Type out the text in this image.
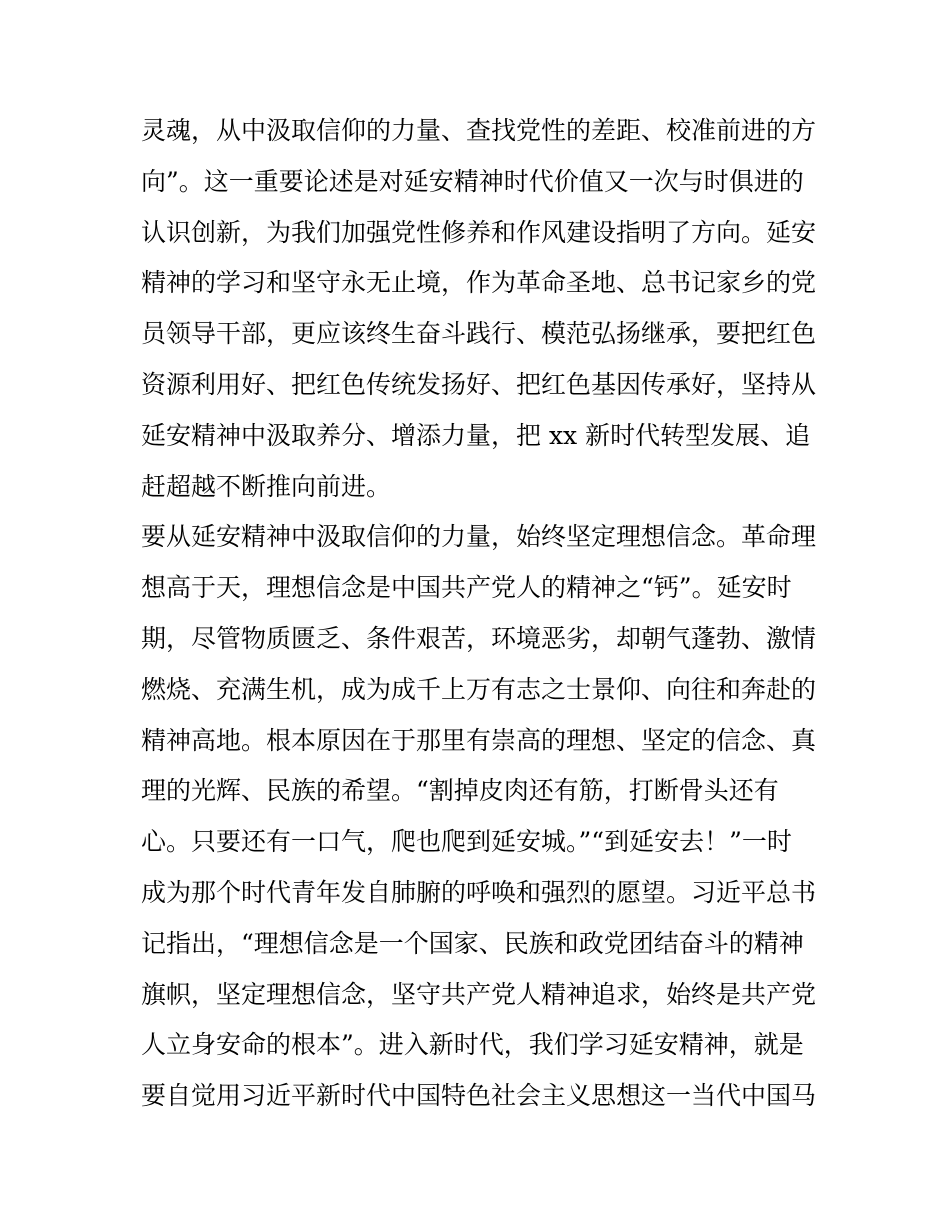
灵魂，从中汲取信仰的力量、查找党性的差距、校准前进的方
向”。这一重要论述是对延安精神时代价值又一次与时俱进的
认识创新，为我们加强党性修养和作风建设指明了方向。延安
精神的学习和坚守永无止境，作为革命圣地、总书记家乡的党
员领导干部，更应该终生奋斗践行、模范弘扬继承，要把红色
资源利用好、把红色传统发扬好、把红色基因传承好，坚持从
延安精神中汲取养分、增添力量，把 xx 新时代转型发展、追
赶超越不断推向前进。
要从延安精神中汲取信仰的力量，始终坚定理想信念。革命理
想高于天，理想信念是中国共产党人的精神之“钙”。延安时
期，尽管物质匮乏、条件艰苦，环境恶劣，却朝气蓬勃、激情
燃烧、充满生机，成为成千上万有志之士景仰、向往和奔赴的
精神高地。根本原因在于那里有崇高的理想、坚定的信念、真
理的光辉、民族的希望。“割掉皮肉还有筋，打断骨头还有
心。只要还有一口气，爬也爬到延安城。”“到延安去！”一时
成为那个时代青年发自肺腑的呼唤和强烈的愿望。习近平总书
记指出，“理想信念是一个国家、民族和政党团结奋斗的精神
旗帜，坚定理想信念，坚守共产党人精神追求，始终是共产党
人立身安命的根本”。进入新时代，我们学习延安精神，就是
要自觉用习近平新时代中国特色社会主义思想这一当代中国马
